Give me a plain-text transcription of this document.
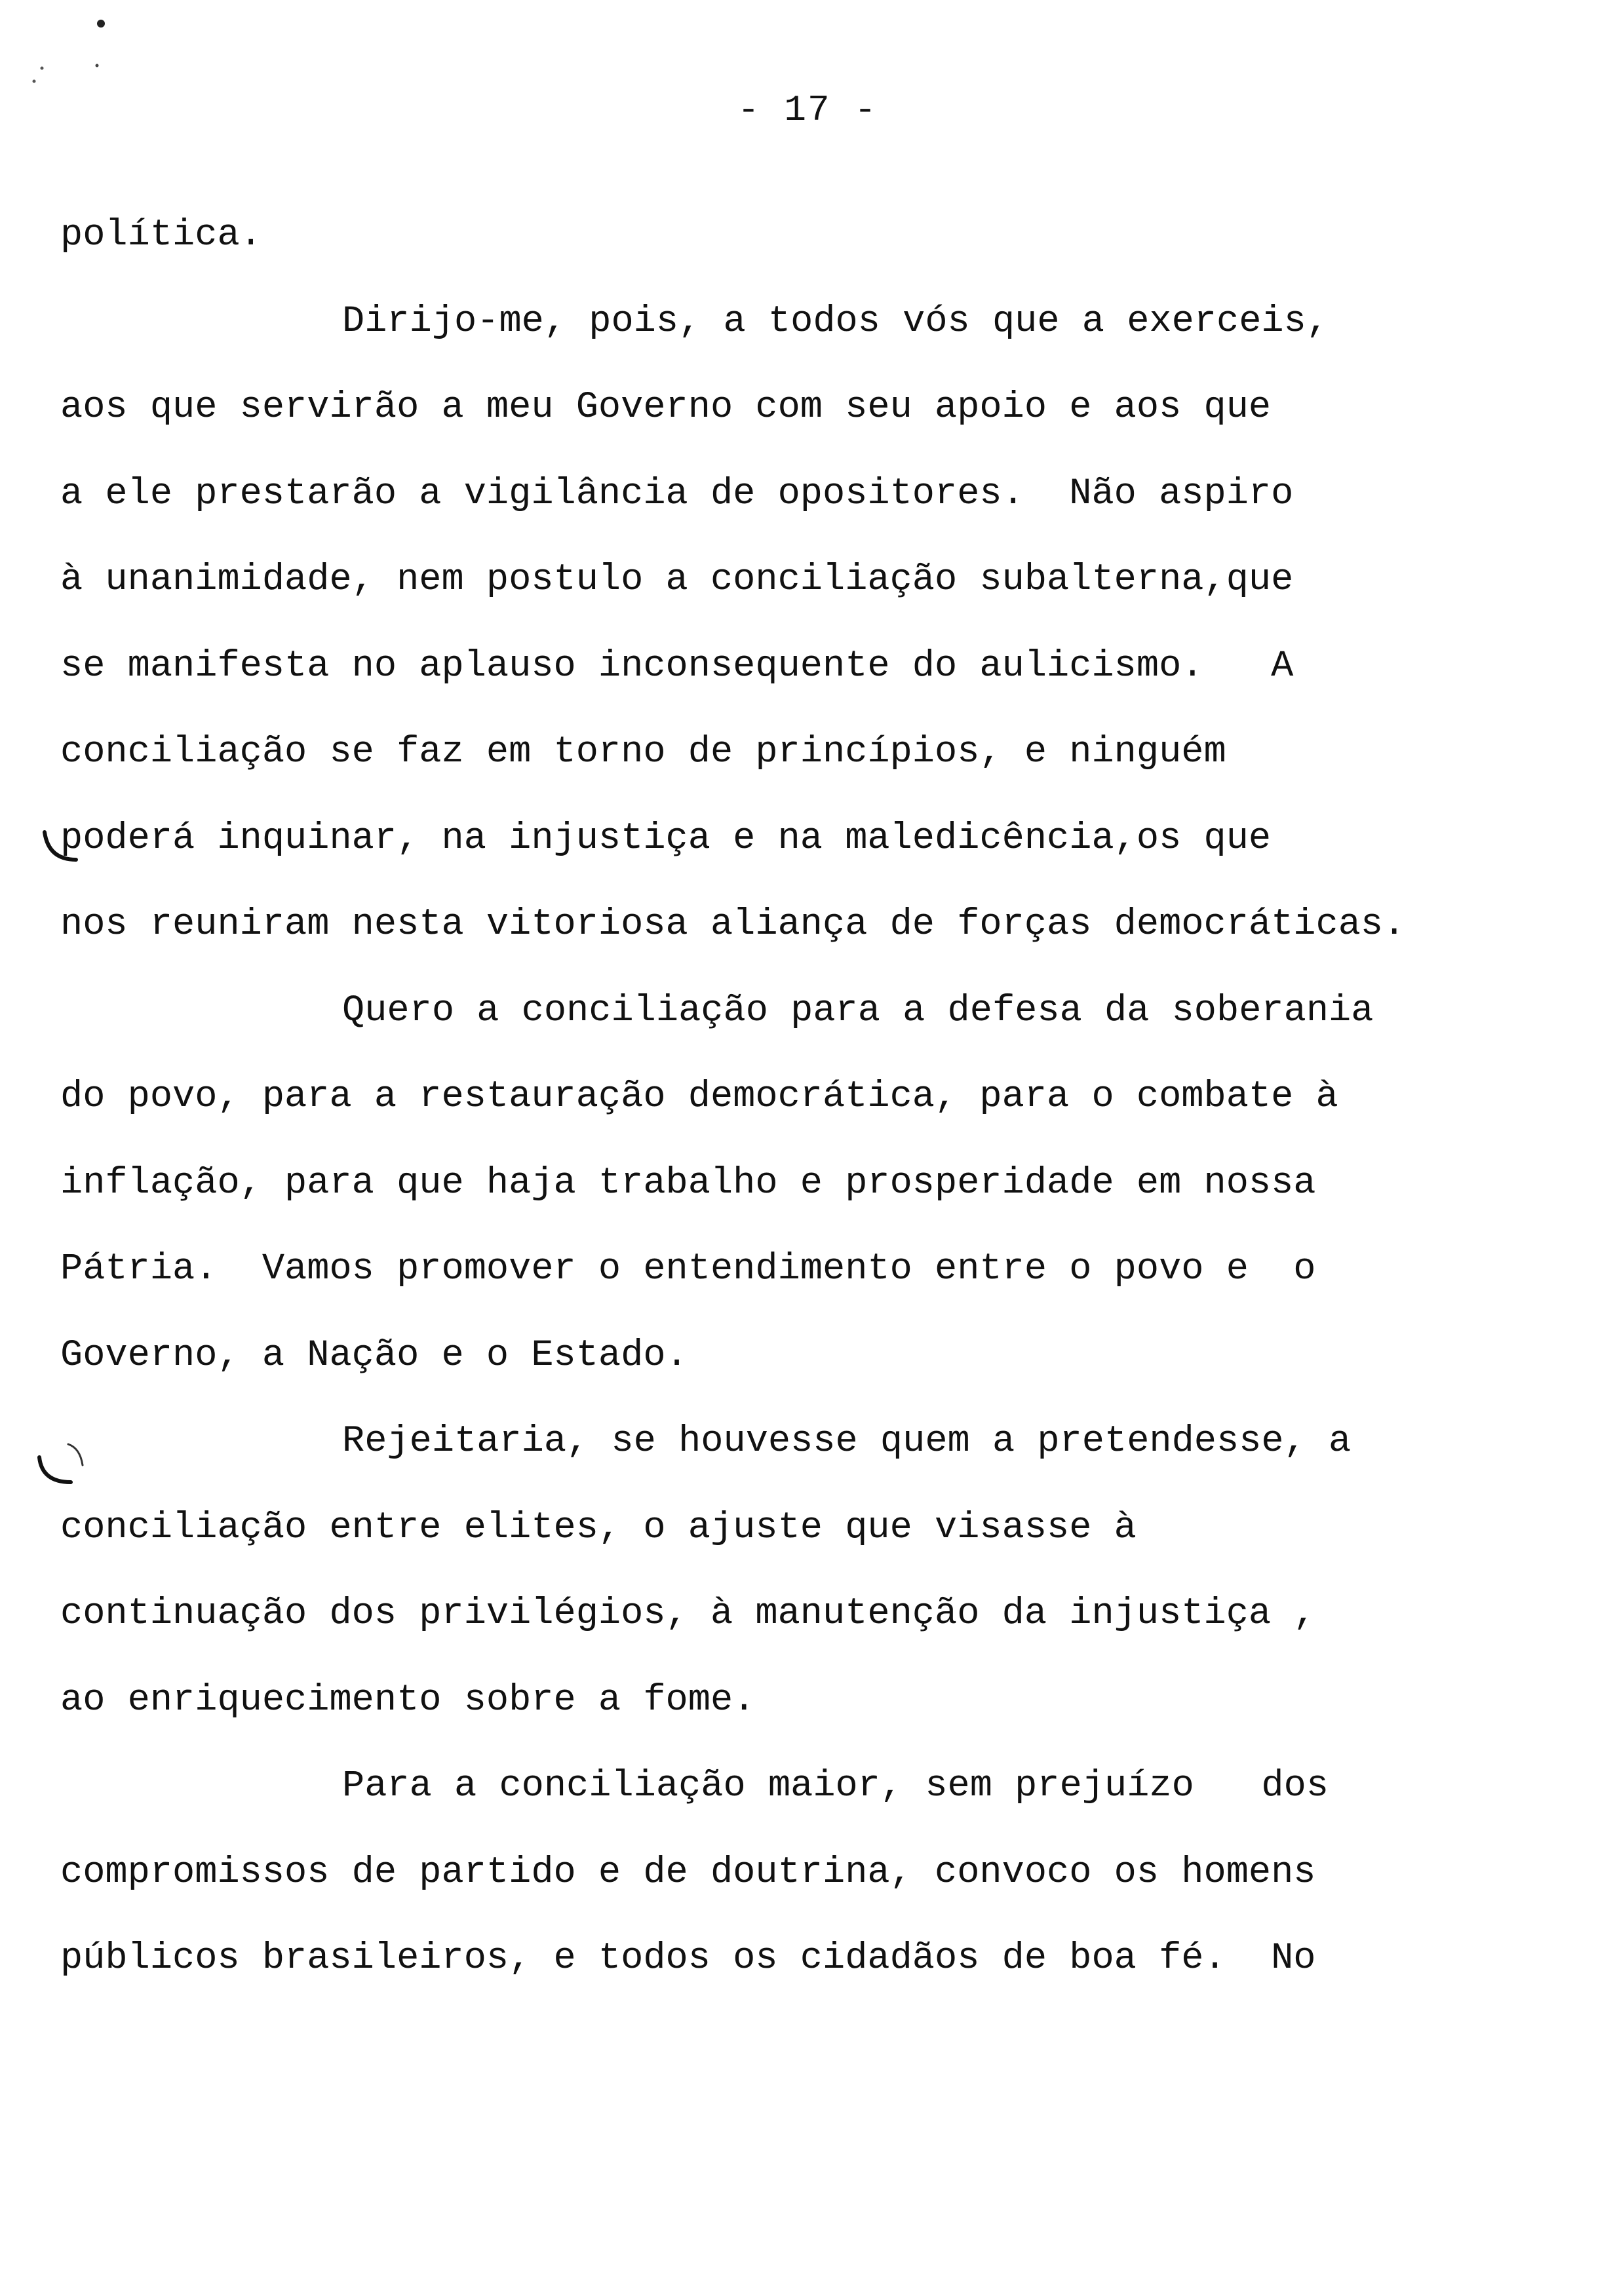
- 17 -
política.
Dirijo-me, pois, a todos vós que a exerceis,
aos que servirão a meu Governo com seu apoio e aos que
a ele prestarão a vigilância de opositores.  Não aspiro
à unanimidade, nem postulo a conciliação subalterna,que
se manifesta no aplauso inconsequente do aulicismo.   A
conciliação se faz em torno de princípios, e ninguém
poderá inquinar, na injustiça e na maledicência,os que
nos reuniram nesta vitoriosa aliança de forças democráticas.
Quero a conciliação para a defesa da soberania
do povo, para a restauração democrática, para o combate à
inflação, para que haja trabalho e prosperidade em nossa
Pátria.  Vamos promover o entendimento entre o povo e  o
Governo, a Nação e o Estado.
Rejeitaria, se houvesse quem a pretendesse, a
conciliação entre elites, o ajuste que visasse à
continuação dos privilégios, à manutenção da injustiça ,
ao enriquecimento sobre a fome.
Para a conciliação maior, sem prejuízo   dos
compromissos de partido e de doutrina, convoco os homens
públicos brasileiros, e todos os cidadãos de boa fé.  No
